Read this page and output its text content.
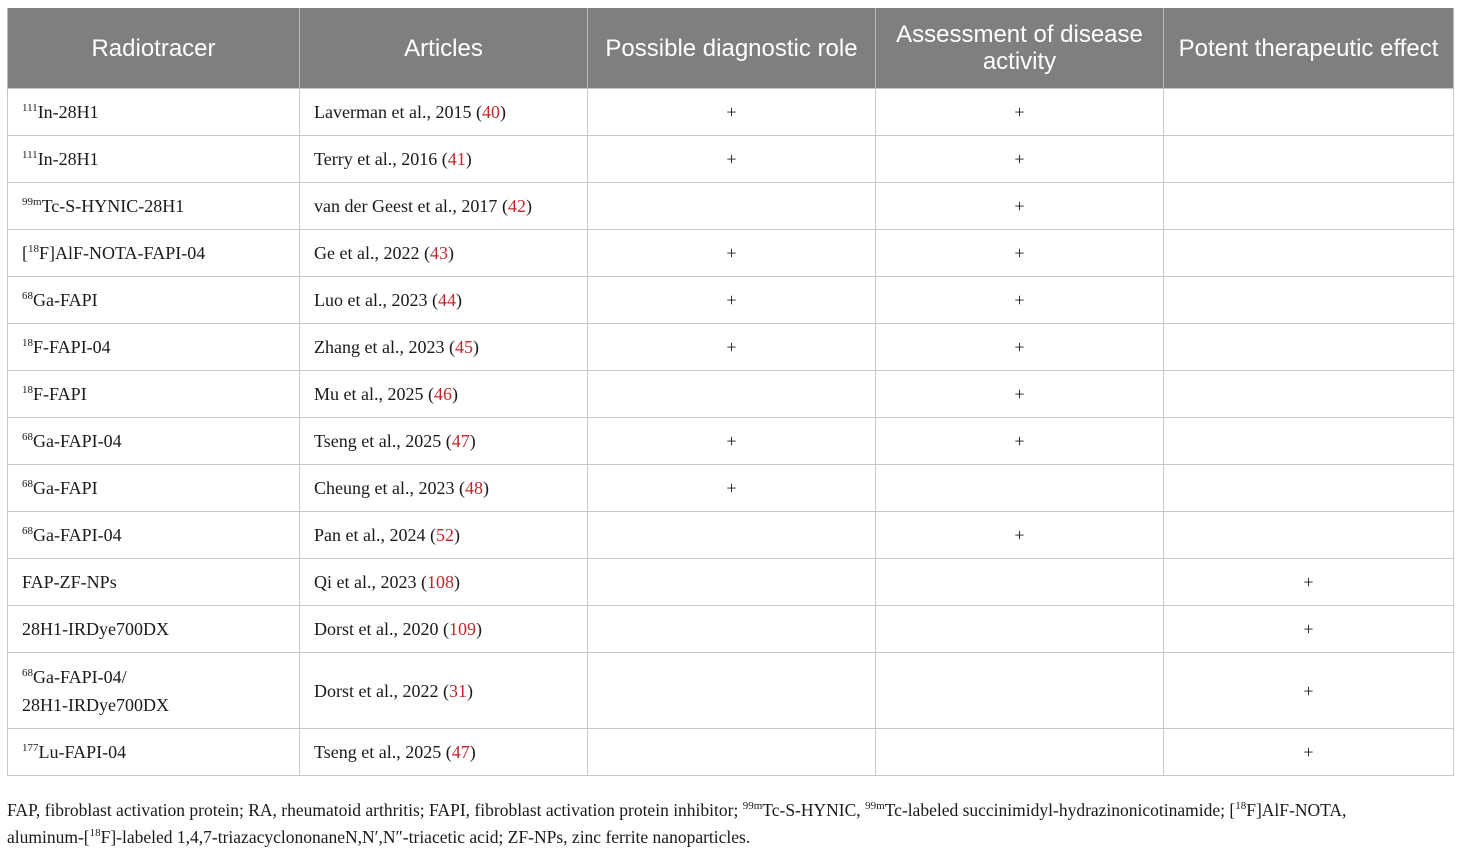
Radiotracer	Articles	Possible diagnostic role	Assessment of disease activity	Potent therapeutic effect
$^{111}$In-28H1	Laverman et al., 2015 (40)	+	+	
$^{111}$In-28H1	Terry et al., 2016 (41)	+	+	
$^{99m}$Tc-S-HYNIC-28H1	van der Geest et al., 2017 (42)		+	
[$^{18}$F]AlF-NOTA-FAPI-04	Ge et al., 2022 (43)	+	+	
$^{68}$Ga-FAPI	Luo et al., 2023 (44)	+	+	
$^{18}$F-FAPI-04	Zhang et al., 2023 (45)	+	+	
$^{18}$F-FAPI	Mu et al., 2025 (46)		+	
$^{68}$Ga-FAPI-04	Tseng et al., 2025 (47)	+	+	
$^{68}$Ga-FAPI	Cheung et al., 2023 (48)	+		
$^{68}$Ga-FAPI-04	Pan et al., 2024 (52)		+	
FAP-ZF-NPs	Qi et al., 2023 (108)			+
28H1-IRDye700DX	Dorst et al., 2020 (109)			+
$^{68}$Ga-FAPI-04/
28H1-IRDye700DX	Dorst et al., 2022 (31)			+
$^{177}$Lu-FAPI-04	Tseng et al., 2025 (47)			+
FAP, fibroblast activation protein; RA, rheumatoid arthritis; FAPI, fibroblast activation protein inhibitor; $^{99m}$Tc-S-HYNIC, $^{99m}$Tc-labeled succinimidyl-hydrazinonicotinamide; [$^{18}$F]AlF-NOTA,
aluminum-[$^{18}$F]-labeled 1,4,7-triazacyclononaneN,N′,N″-triacetic acid; ZF-NPs, zinc ferrite nanoparticles.
